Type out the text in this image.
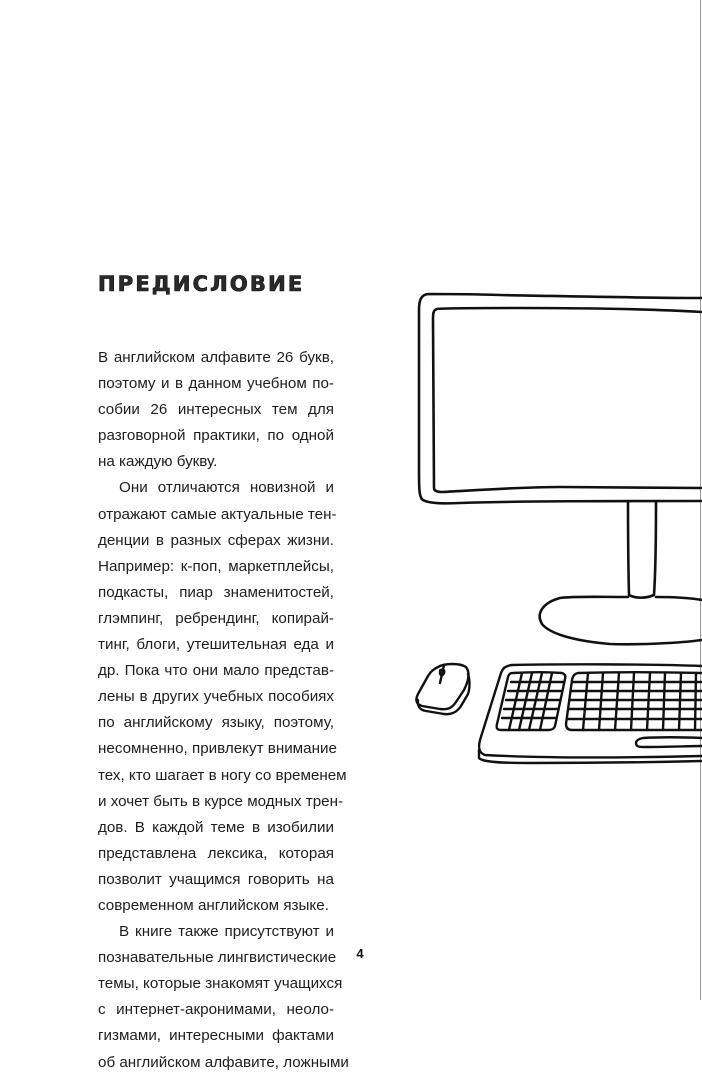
ПРЕДИСЛОВИЕ

В английском алфавите 26 букв,
поэтому и в данном учебном по-
собии 26 интересных тем для
разговорной практики, по одной
на каждую букву.

Они отличаются новизной и
отражают самые актуальные тен-
денции в разных сферах жизни.
Например: к-поп, маркетплейсы,
подкасты, пиар знаменитостей,
глэмпинг, ребрендинг, копирай-
тинг, блоги, утешительная еда и
др. Пока что они мало представ-
лены в других учебных пособиях
по английскому языку, поэтому,
несомненно, привлекут внимание
тех, кто шагает в ногу со временем
и хочет быть в курсе модных трен-
дов. В каждой теме в изобилии
представлена лексика, которая
позволит учащимся говорить на
современном английском языке.

В книге также присутствуют и
познавательные лингвистические
темы, которые знакомят учащихся
с интернет-акронимами, неоло-
гизмами, интересными фактами
об английском алфавите, ложными

4
